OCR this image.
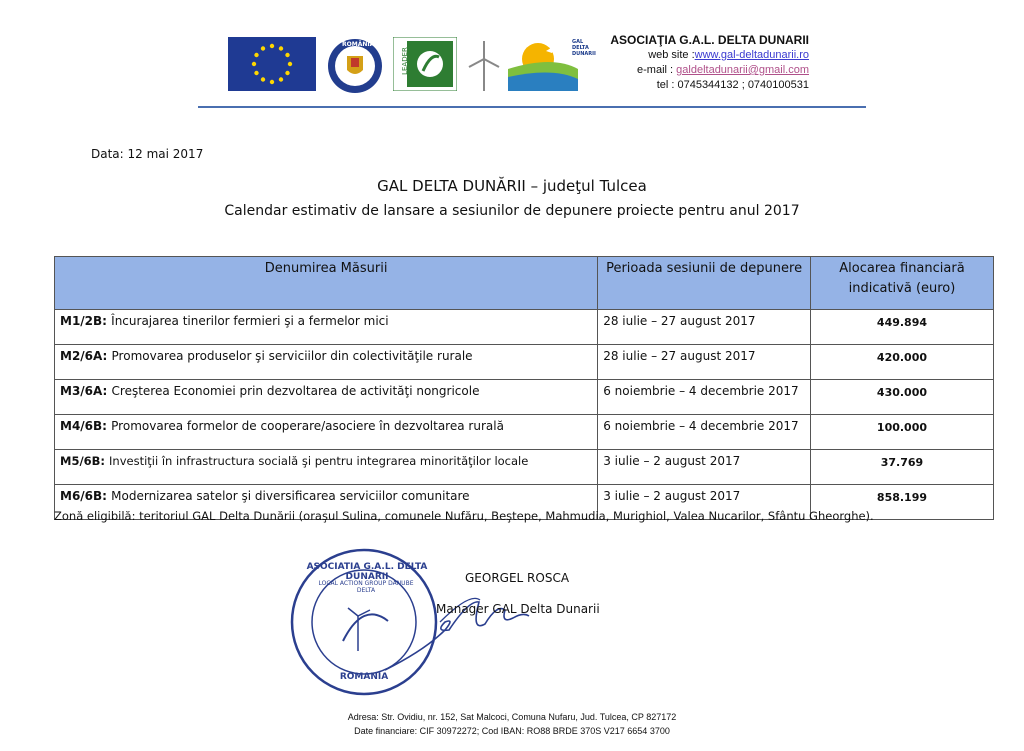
ROMÂNIA
LEADER
GAL DELTA DUNARII
ASOCIAŢIA G.A.L. DELTA DUNARII
web site :www.gal-deltadunarii.ro
e-mail : galdeltadunarii@gmail.com
tel : 0745344132 ; 0740100531
Data: 12 mai 2017
GAL DELTA DUNĂRII – judeţul Tulcea
Calendar estimativ de lansare a sesiunilor de depunere proiecte pentru anul 2017
Denumirea Măsurii	Perioada sesiunii de depunere	Alocarea financiară indicativă (euro)
M1/2B: Încurajarea tinerilor fermieri şi a fermelor mici	28 iulie – 27 august 2017	449.894
M2/6A: Promovarea produselor şi serviciilor din colectivităţile rurale	28 iulie – 27 august 2017	420.000
M3/6A: Creşterea Economiei prin dezvoltarea de activităţi nongricole	6 noiembrie – 4 decembrie 2017	430.000
M4/6B: Promovarea formelor de cooperare/asociere în dezvoltarea rurală	6 noiembrie – 4 decembrie 2017	100.000
M5/6B: Investiţii în infrastructura socială şi pentru integrarea minorităţilor locale	3 iulie – 2 august 2017	37.769
M6/6B: Modernizarea satelor şi diversificarea serviciilor comunitare	3 iulie – 2 august 2017	858.199
Zonă eligibilă: teritoriul GAL Delta Dunării (oraşul Sulina, comunele Nufăru, Beştepe, Mahmudia, Murighiol, Valea Nucarilor, Sfântu Gheorghe).
ASOCIATIA G.A.L. DELTA DUNARII
LOCAL ACTION GROUP DANUBE DELTA
ROMANIA
GEORGEL ROSCA
Manager GAL Delta Dunarii
Adresa: Str. Ovidiu, nr. 152, Sat Malcoci, Comuna Nufaru, Jud. Tulcea, CP 827172
Date financiare: CIF 30972272; Cod IBAN: RO88 BRDE 370S V217 6654 3700
